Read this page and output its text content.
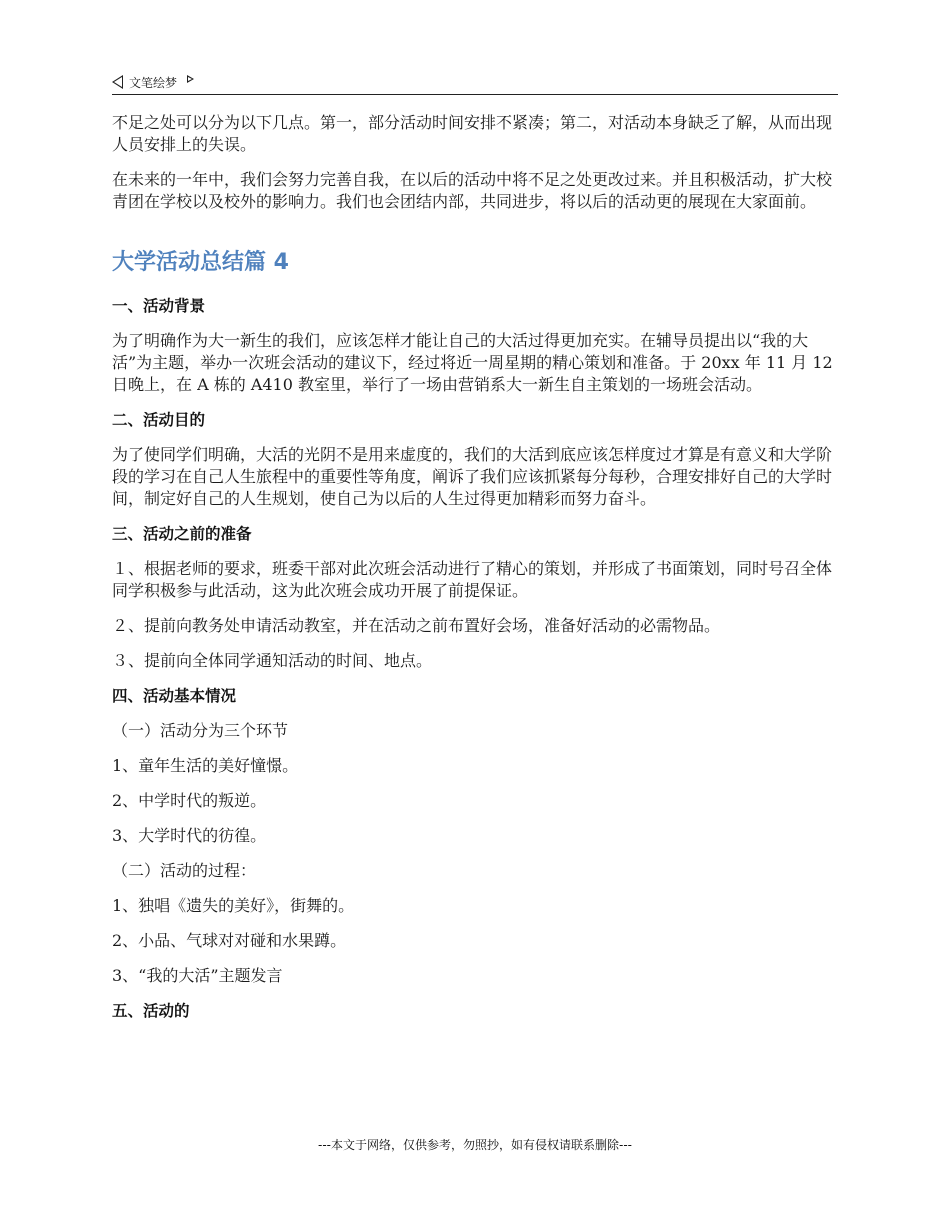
文笔绘梦

不足之处可以分为以下几点。第一，部分活动时间安排不紧凑；第二，对活动本身缺乏了解，从而出现人员安排上的失误。

在未来的一年中，我们会努力完善自我，在以后的活动中将不足之处更改过来。并且积极活动，扩大校青团在学校以及校外的影响力。我们也会团结内部，共同进步，将以后的活动更的展现在大家面前。

大学活动总结篇 4
一、活动背景

为了明确作为大一新生的我们，应该怎样才能让自己的大活过得更加充实。在辅导员提出以“我的大活”为主题，举办一次班会活动的建议下，经过将近一周星期的精心策划和准备。于 20xx 年 11 月 12 日晚上，在 A 栋的 A410 教室里，举行了一场由营销系大一新生自主策划的一场班会活动。

二、活动目的

为了使同学们明确，大活的光阴不是用来虚度的，我们的大活到底应该怎样度过才算是有意义和大学阶段的学习在自己人生旅程中的重要性等角度，阐诉了我们应该抓紧每分每秒，合理安排好自己的大学时间，制定好自己的人生规划，使自己为以后的人生过得更加精彩而努力奋斗。

三、活动之前的准备

１、根据老师的要求，班委干部对此次班会活动进行了精心的策划，并形成了书面策划，同时号召全体同学积极参与此活动，这为此次班会成功开展了前提保证。

２、提前向教务处申请活动教室，并在活动之前布置好会场，准备好活动的必需物品。

３、提前向全体同学通知活动的时间、地点。

四、活动基本情况

（一）活动分为三个环节

1、童年生活的美好憧憬。

2、中学时代的叛逆。

3、大学时代的彷徨。

（二）活动的过程：

1、独唱《遗失的美好》，街舞的。

2、小品、气球对对碰和水果蹲。

3、“我的大活”主题发言

五、活动的
---本文于网络，仅供参考，勿照抄，如有侵权请联系删除---
